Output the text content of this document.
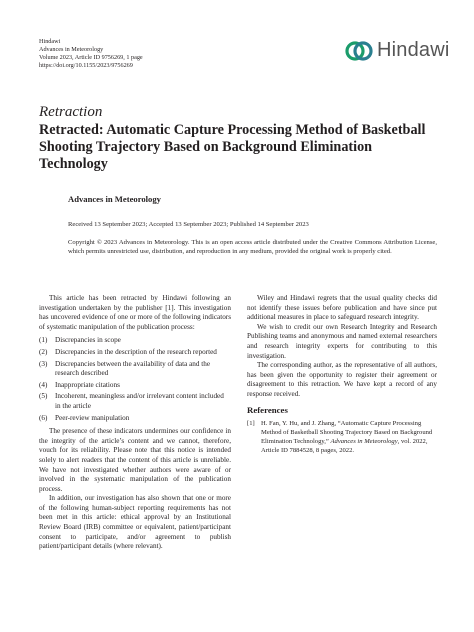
Hindawi
Advances in Meteorology
Volume 2023, Article ID 9756269, 1 page
https://doi.org/10.1155/2023/9756269
Hindawi
Retraction
Retracted: Automatic Capture Processing Method of Basketball Shooting Trajectory Based on Background Elimination Technology
Advances in Meteorology
Received 13 September 2023; Accepted 13 September 2023; Published 14 September 2023
Copyright © 2023 Advances in Meteorology. This is an open access article distributed under the Creative Commons Attribution License, which permits unrestricted use, distribution, and reproduction in any medium, provided the original work is properly cited.

This article has been retracted by Hindawi following an investigation undertaken by the publisher [1]. This investigation has uncovered evidence of one or more of the following indicators of systematic manipulation of the publication process:

(1)	Discrepancies in scope
(2)	Discrepancies in the description of the research reported
(3)	Discrepancies between the availability of data and the research described
(4)	Inappropriate citations
(5)	Incoherent, meaningless and/or irrelevant content included in the article
(6)	Peer-review manipulation

The presence of these indicators undermines our confidence in the integrity of the article’s content and we cannot, therefore, vouch for its reliability. Please note that this notice is intended solely to alert readers that the content of this article is unreliable. We have not investigated whether authors were aware of or involved in the systematic manipulation of the publication process.

In addition, our investigation has also shown that one or more of the following human-subject reporting requirements has not been met in this article: ethical approval by an Institutional Review Board (IRB) committee or equivalent, patient/participant consent to participate, and/or agreement to publish patient/participant details (where relevant).

Wiley and Hindawi regrets that the usual quality checks did not identify these issues before publication and have since put additional measures in place to safeguard research integrity.

We wish to credit our own Research Integrity and Research Publishing teams and anonymous and named external researchers and research integrity experts for contributing to this investigation.

The corresponding author, as the representative of all authors, has been given the opportunity to register their agreement or disagreement to this retraction. We have kept a record of any response received.

References
[1] H. Fan, Y. Hu, and J. Zhang, “Automatic Capture Processing Method of Basketball Shooting Trajectory Based on Background Elimination Technology,” Advances in Meteorology, vol. 2022, Article ID 7884528, 8 pages, 2022.
